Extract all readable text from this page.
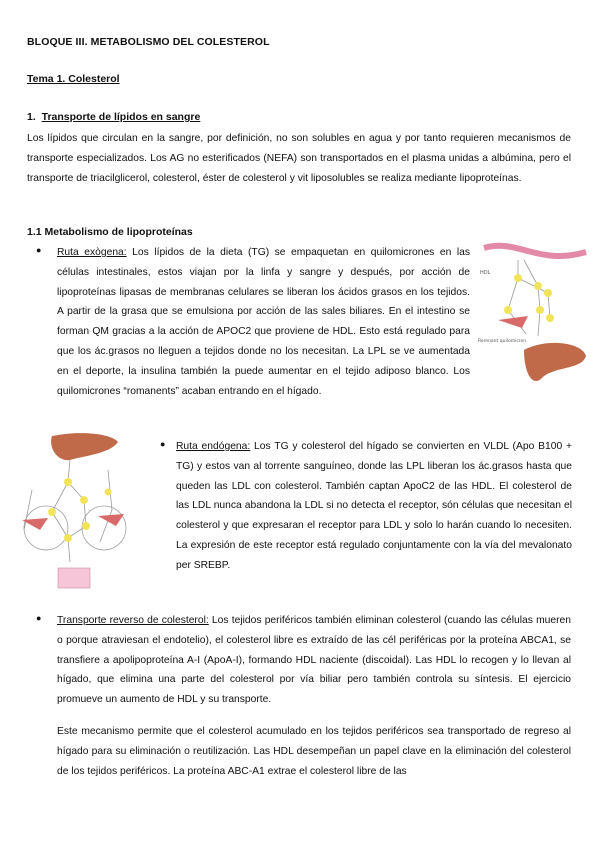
BLOQUE III. METABOLISMO DEL COLESTEROL
Tema 1. Colesterol
1. Transporte de lípidos en sangre
Los lípidos que circulan en la sangre, por definición, no son solubles en agua y por tanto requieren mecanismos de transporte especializados. Los AG no esterificados (NEFA) son transportados en el plasma unidas a albúmina, pero el transporte de triacilglicerol, colesterol, éster de colesterol y vit liposolubles se realiza mediante lipoproteínas.
1.1 Metabolismo de lipoproteínas
● Ruta exògena: Los lípidos de la dieta (TG) se empaquetan en quilomicrones en las células intestinales, estos viajan por la linfa y sangre y después, por acción de lipoproteínas lipasas de membranas celulares se liberan los ácidos grasos en los tejidos. A partir de la grasa que se emulsiona por acción de las sales biliares. En el intestino se forman QM gracias a la acción de APOC2 que proviene de HDL. Esto está regulado para que los ác.grasos no lleguen a tejidos donde no los necesitan. La LPL se ve aumentada en el deporte, la insulina también la puede aumentar en el tejido adiposo blanco. Los quilomicrones “romanents” acaban entrando en el hígado.
HDL
Remnant quilomicron
● Ruta endógena: Los TG y colesterol del hígado se convierten en VLDL (Apo B100 + TG) y estos van al torrente sanguíneo, donde las LPL liberan los ác.grasos hasta que queden las LDL con colesterol. También captan ApoC2 de las HDL. El colesterol de las LDL nunca abandona la LDL si no detecta el receptor, són células que necesitan el colesterol y que expresaran el receptor para LDL y solo lo harán cuando lo necesiten. La expresión de este receptor está regulado conjuntamente con la vía del mevalonato per SREBP.
● Transporte reverso de colesterol: Los tejidos periféricos también eliminan colesterol (cuando las células mueren o porque atraviesan el endotelio), el colesterol libre es extraído de las cél periféricas por la proteína ABCA1, se transfiere a apolipoproteína A-I (ApoA-I), formando HDL naciente (discoidal). Las HDL lo recogen y lo llevan al hígado, que elimina una parte del colesterol por vía biliar pero también controla su síntesis. El ejercicio promueve un aumento de HDL y su transporte.
Este mecanismo permite que el colesterol acumulado en los tejidos periféricos sea transportado de regreso al hígado para su eliminación o reutilización. Las HDL desempeñan un papel clave en la eliminación del colesterol de los tejidos periféricos. La proteína ABC-A1 extrae el colesterol libre de las
